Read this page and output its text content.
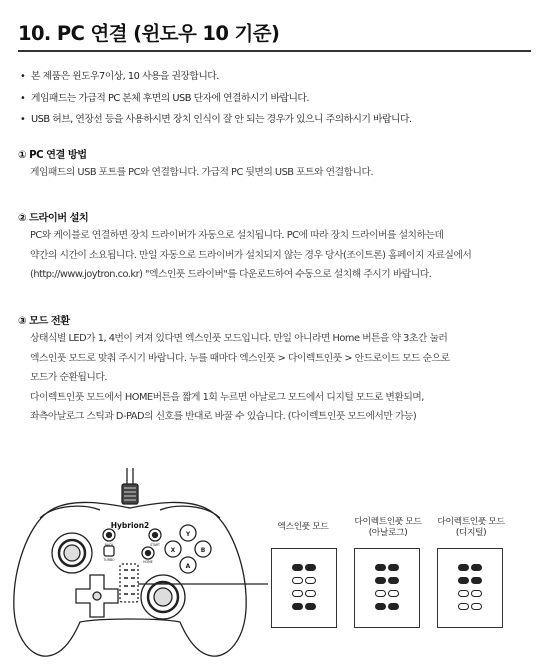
10. PC 연결 (윈도우 10 기준)
• 본 제품은 윈도우7이상, 10 사용을 권장합니다.
• 게임패드는 가급적 PC 본체 후면의 USB 단자에 연결하시기 바랍니다.
• USB 허브, 연장선 등을 사용하시면 장치 인식이 잘 안 되는 경우가 있으니 주의하시기 바랍니다.
① PC 연결 방법
게임패드의 USB 포트를 PC와 연결합니다. 가급적 PC 뒷면의 USB 포트와 연결합니다.
② 드라이버 설치
PC와 케이블로 연결하면 장치 드라이버가 자동으로 설치됩니다. PC에 따라 장치 드라이버를 설치하는데
약간의 시간이 소요됩니다. 만일 자동으로 드라이버가 설치되지 않는 경우 당사(조이트론) 홈페이지 자료실에서
(http://www.joytron.co.kr) "엑스인풋 드라이버"를 다운로드하여 수동으로 설치해 주시기 바랍니다.
③ 모드 전환
상태식별 LED가 1, 4번이 켜져 있다면 엑스인풋 모드입니다. 만일 아니라면 Home 버튼을 약 3초간 눌러
엑스인풋 모드로 맞춰 주시기 바랍니다. 누를 때마다 엑스인풋 > 다이렉트인풋 > 안드로이드 모드 순으로
모드가 순환됩니다.
다이렉트인풋 모드에서 HOME버튼을 짧게 1회 누르면 아날로그 모드에서 디지털 모드로 변환되며,
좌측아날로그 스틱과 D-PAD의 신호를 반대로 바꿀 수 있습니다. (다이렉트인풋 모드에서만 가능)
Y
X	B
A
BACK	START
TURBO	HOME
Hybrion2	엑스인풋 모드	다이렉트인풋 모드
(아날로그)
다이렉트인풋 모드
(디지털)
